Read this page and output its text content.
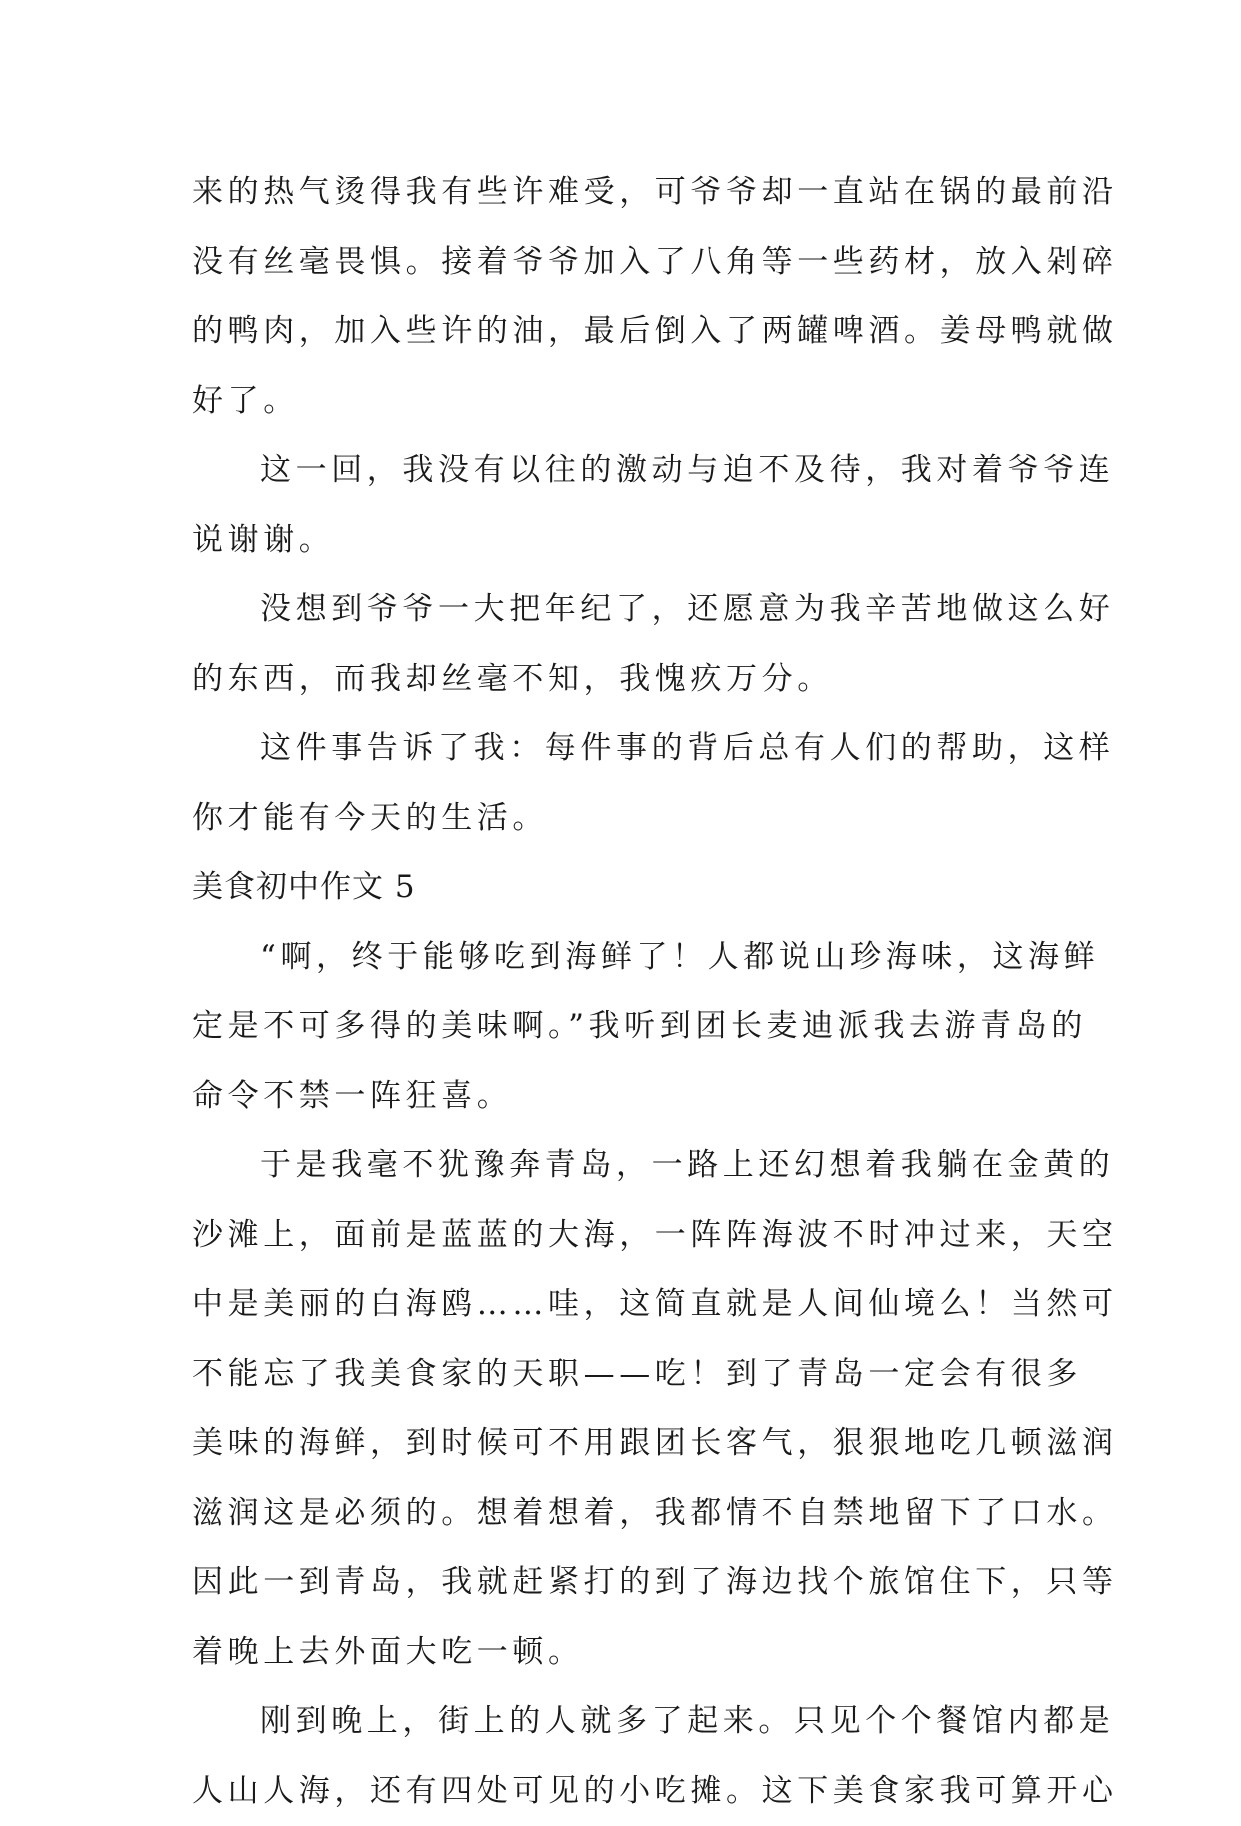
来的热气烫得我有些许难受，可爷爷却一直站在锅的最前沿
没有丝毫畏惧。接着爷爷加入了八角等一些药材，放入剁碎
的鸭肉，加入些许的油，最后倒入了两罐啤酒。姜母鸭就做
好了。
这一回，我没有以往的激动与迫不及待，我对着爷爷连
说谢谢。
没想到爷爷一大把年纪了，还愿意为我辛苦地做这么好
的东西，而我却丝毫不知，我愧疚万分。
这件事告诉了我：每件事的背后总有人们的帮助，这样
你才能有今天的生活。
美食初中作文 5
“啊，终于能够吃到海鲜了！人都说山珍海味，这海鲜
定是不可多得的美味啊。”我听到团长麦迪派我去游青岛的
命令不禁一阵狂喜。
于是我毫不犹豫奔青岛，一路上还幻想着我躺在金黄的
沙滩上，面前是蓝蓝的大海，一阵阵海波不时冲过来，天空
中是美丽的白海鸥……哇，这简直就是人间仙境么！当然可
不能忘了我美食家的天职——吃！到了青岛一定会有很多
美味的海鲜，到时候可不用跟团长客气，狠狠地吃几顿滋润
滋润这是必须的。想着想着，我都情不自禁地留下了口水。
因此一到青岛，我就赶紧打的到了海边找个旅馆住下，只等
着晚上去外面大吃一顿。
刚到晚上，街上的人就多了起来。只见个个餐馆内都是
人山人海，还有四处可见的小吃摊。这下美食家我可算开心
